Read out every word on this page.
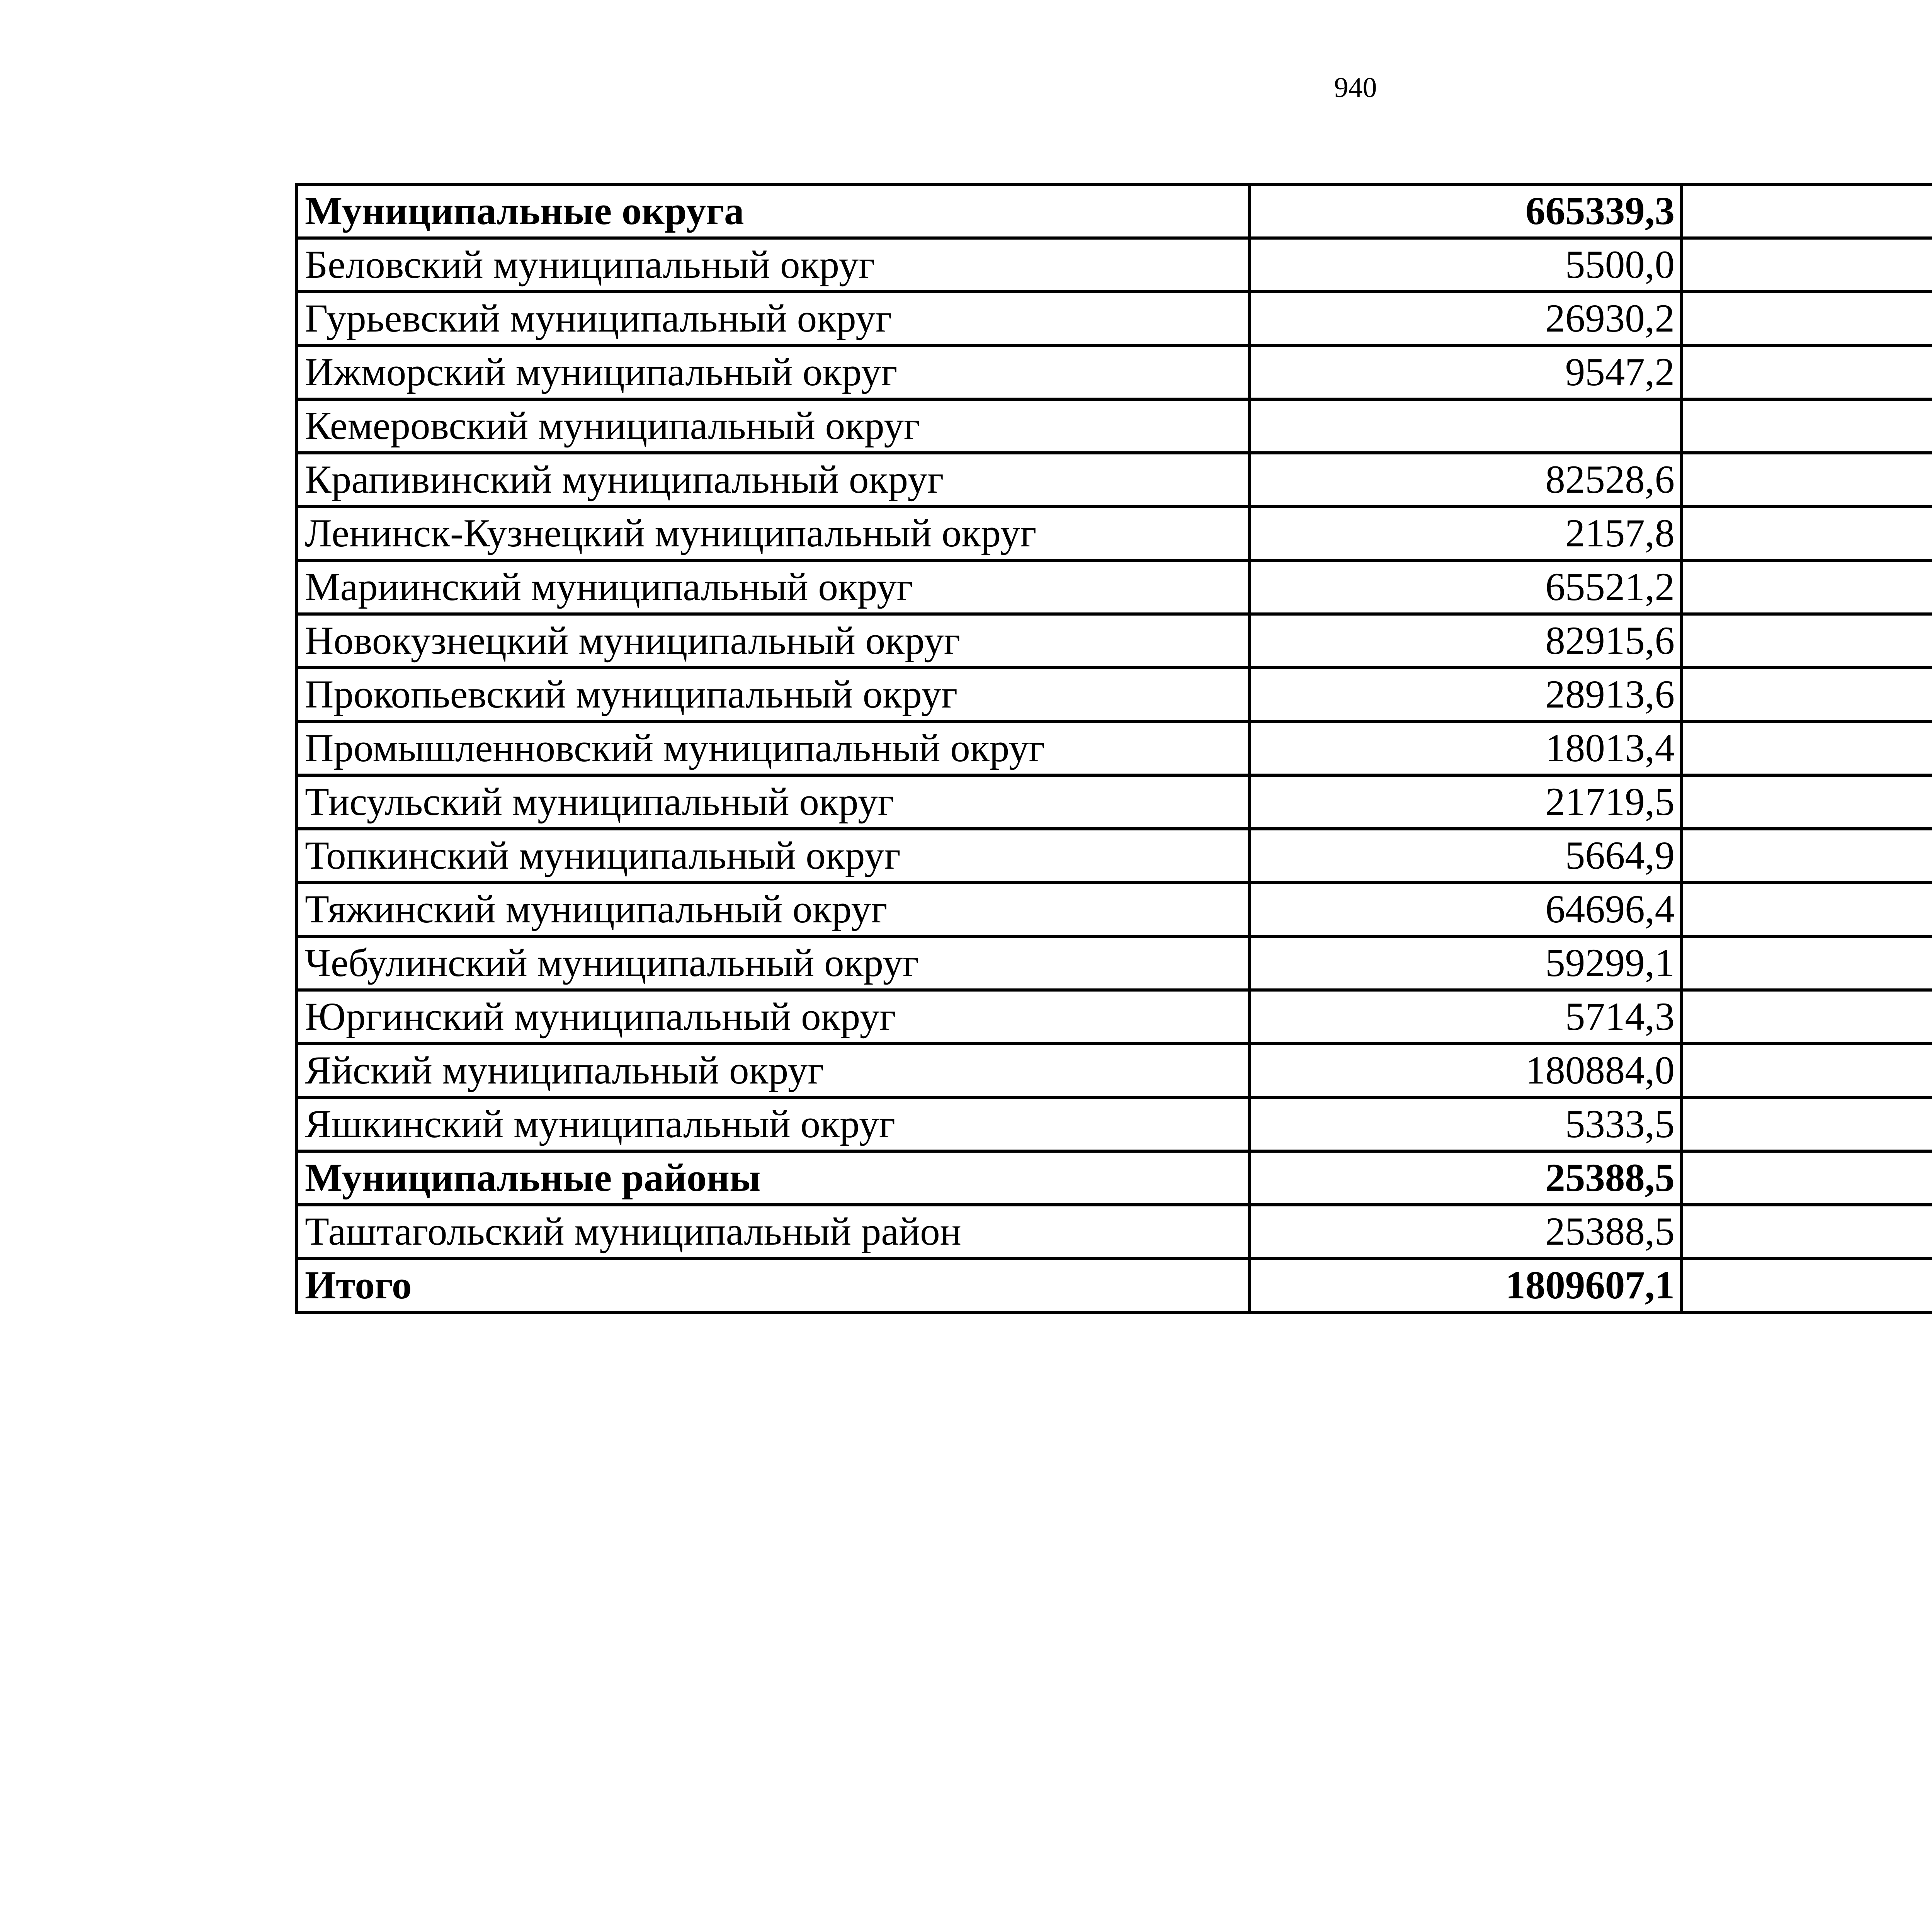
940
Муниципальные округа	665339,3		
Беловский муниципальный округ	5500,0		
Гурьевский муниципальный округ	26930,2		
Ижморский муниципальный округ	9547,2		
Кемеровский муниципальный округ			
Крапивинский муниципальный округ	82528,6		
Ленинск-Кузнецкий муниципальный округ	2157,8		
Мариинский муниципальный округ	65521,2		
Новокузнецкий муниципальный округ	82915,6		
Прокопьевский муниципальный округ	28913,6		
Промышленновский муниципальный округ	18013,4		
Тисульский муниципальный округ	21719,5		
Топкинский муниципальный округ	5664,9		
Тяжинский муниципальный округ	64696,4		
Чебулинский муниципальный округ	59299,1		
Юргинский муниципальный округ	5714,3		
Яйский муниципальный округ	180884,0		
Яшкинский муниципальный округ	5333,5		
Муниципальные районы	25388,5		
Таштагольский муниципальный район	25388,5		
Итого	1809607,1		
